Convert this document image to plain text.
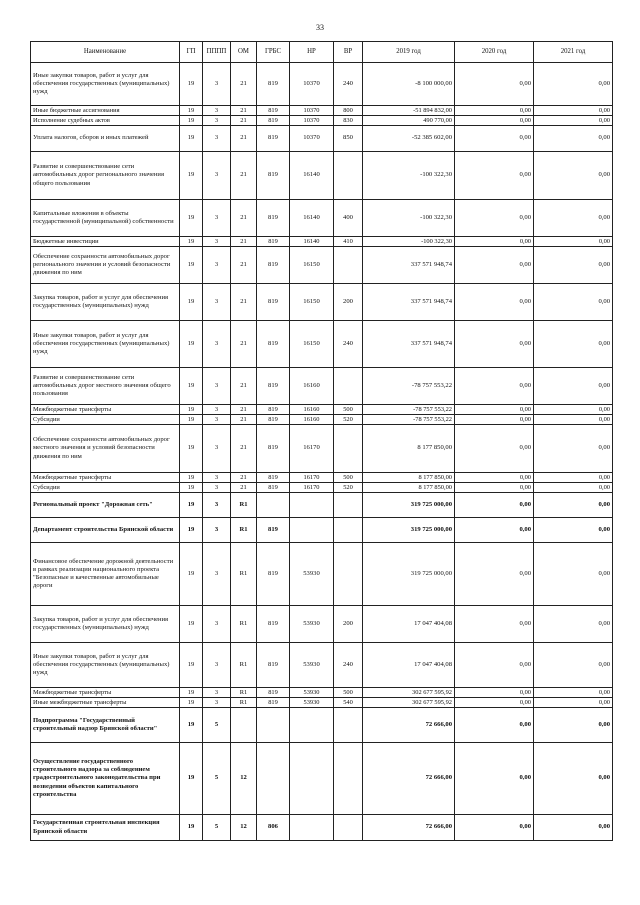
33
Наименование	ГП	ПППП	ОМ	ГРБС	НР	ВР	2019 год	2020 год	2021 год
Иные закупки товаров, работ и услуг для обеспечения государственных (муниципальных) нужд	19	3	21	819	10370	240	-8 100 000,00	0,00	0,00
Иные бюджетные ассигнования	19	3	21	819	10370	800	-51 894 832,00	0,00	0,00
Исполнение судебных актов	19	3	21	819	10370	830	490 770,00	0,00	0,00
Уплата налогов, сборов и иных платежей	19	3	21	819	10370	850	-52 385 602,00	0,00	0,00
Развитие и совершенствование сети автомобильных дорог регионального значения общего пользования	19	3	21	819	16140		-100 322,30	0,00	0,00
Капитальные вложения в объекты государственной (муниципальной) собственности	19	3	21	819	16140	400	-100 322,30	0,00	0,00
Бюджетные инвестиции	19	3	21	819	16140	410	-100 322,30	0,00	0,00
Обеспечение сохранности автомобильных дорог регионального значения и условий безопасности движения по ним	19	3	21	819	16150		337 571 948,74	0,00	0,00
Закупка товаров, работ и услуг для обеспечения государственных (муниципальных) нужд	19	3	21	819	16150	200	337 571 948,74	0,00	0,00
Иные закупки товаров, работ и услуг для обеспечения государственных (муниципальных) нужд	19	3	21	819	16150	240	337 571 948,74	0,00	0,00
Развитие и совершенствование сети автомобильных дорог местного значения общего пользования	19	3	21	819	16160		-78 757 553,22	0,00	0,00
Межбюджетные трансферты	19	3	21	819	16160	500	-78 757 553,22	0,00	0,00
Субсидии	19	3	21	819	16160	520	-78 757 553,22	0,00	0,00
Обеспечение сохранности автомобильных дорог местного значения и условий безопасности движения по ним	19	3	21	819	16170		8 177 850,00	0,00	0,00
Межбюджетные трансферты	19	3	21	819	16170	500	8 177 850,00	0,00	0,00
Субсидии	19	3	21	819	16170	520	8 177 850,00	0,00	0,00
Региональный проект "Дорожная сеть"	19	3	R1				319 725 000,00	0,00	0,00
Департамент строительства Брянской области	19	3	R1	819			319 725 000,00	0,00	0,00
Финансовое обеспечение дорожной деятельности в рамках реализации национального проекта "Безопасные и качественные автомобильные дороги	19	3	R1	819	53930		319 725 000,00	0,00	0,00
Закупка товаров, работ и услуг для обеспечения государственных (муниципальных) нужд	19	3	R1	819	53930	200	17 047 404,08	0,00	0,00
Иные закупки товаров, работ и услуг для обеспечения государственных (муниципальных) нужд	19	3	R1	819	53930	240	17 047 404,08	0,00	0,00
Межбюджетные трансферты	19	3	R1	819	53930	500	302 677 595,92	0,00	0,00
Иные межбюджетные трансферты	19	3	R1	819	53930	540	302 677 595,92	0,00	0,00
Подпрограмма "Государственный строительный надзор Брянской области"	19	5					72 666,00	0,00	0,00
Осуществление государственного строительного надзора за соблюдением градостроительного законодательства при возведении объектов капитального строительства	19	5	12				72 666,00	0,00	0,00
Государственная строительная инспекция Брянской области	19	5	12	806			72 666,00	0,00	0,00
